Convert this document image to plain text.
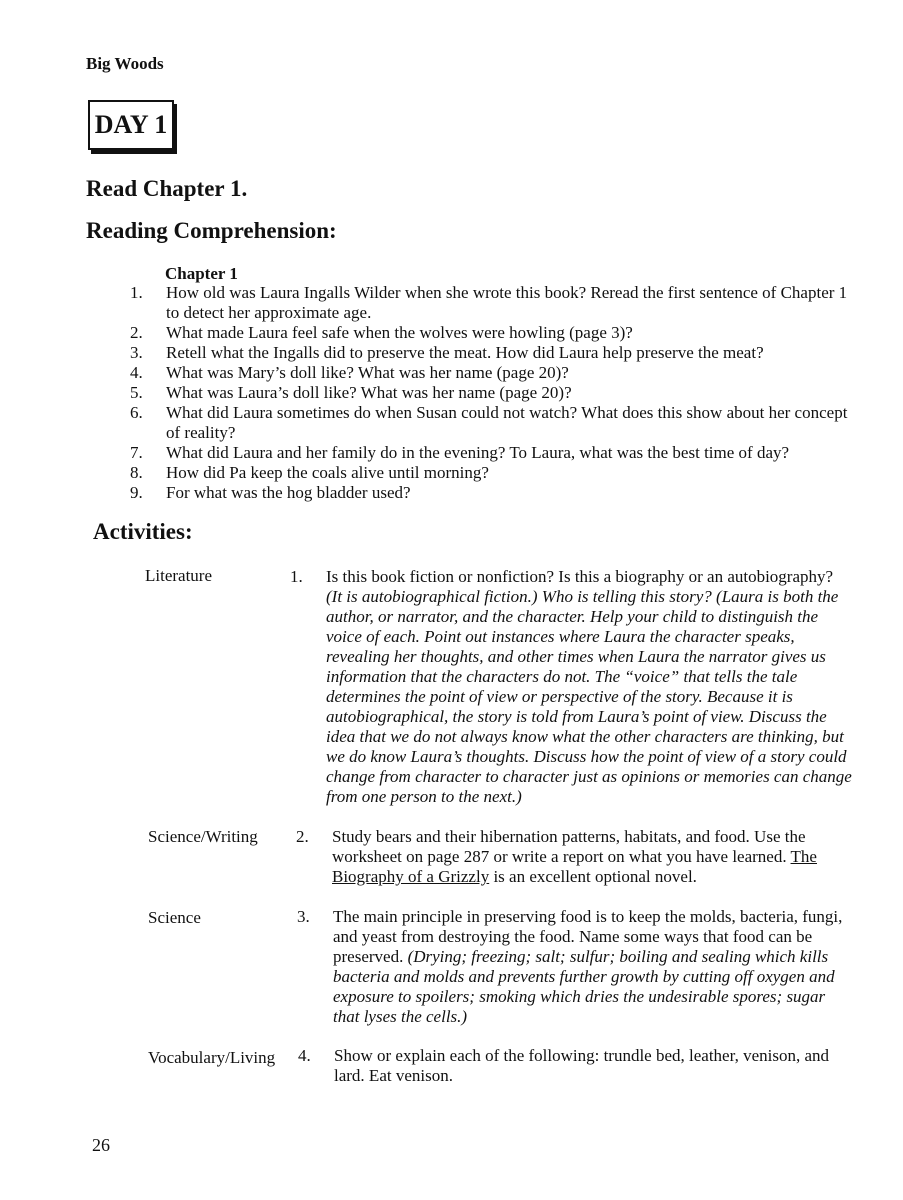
Big Woods
DAY 1
Read Chapter 1.
Reading Comprehension:
Chapter 1
1.	How old was Laura Ingalls Wilder when she wrote this book? Reread the first sentence of Chapter 1 to detect her approximate age.
2.	What made Laura feel safe when the wolves were howling (page 3)?
3.	Retell what the Ingalls did to preserve the meat. How did Laura help preserve the meat?
4.	What was Mary’s doll like? What was her name (page 20)?
5.	What was Laura’s doll like? What was her name (page 20)?
6.	What did Laura sometimes do when Susan could not watch? What does this show about her concept of reality?
7.	What did Laura and her family do in the evening? To Laura, what was the best time of day?
8.	How did Pa keep the coals alive until morning?
9.	For what was the hog bladder used?
Activities:
Literature	1. Is this book fiction or nonfiction? Is this a biography or an autobiography? (It is autobiographical fiction.) Who is telling this story? (Laura is both the author, or narrator, and the character. Help your child to distinguish the voice of each. Point out instances where Laura the character speaks, revealing her thoughts, and other times when Laura the narrator gives us information that the characters do not. The “voice” that tells the tale determines the point of view or perspective of the story. Because it is autobiographical, the story is told from Laura’s point of view. Discuss the idea that we do not always know what the other characters are thinking, but we do know Laura’s thoughts. Discuss how the point of view of a story could change from character to character just as opinions or memories can change from one person to the next.)
Science/Writing 2. Study bears and their hibernation patterns, habitats, and food. Use the worksheet on page 287 or write a report on what you have learned. The Biography of a Grizzly is an excellent optional novel.
Science	3. The main principle in preserving food is to keep the molds, bacteria, fungi, and yeast from destroying the food. Name some ways that food can be preserved. (Drying; freezing; salt; sulfur; boiling and sealing which kills bacteria and molds and prevents further growth by cutting off oxygen and exposure to spoilers; smoking which dries the undesirable spores; sugar that lyses the cells.)
Vocabulary/Living 4. Show or explain each of the following: trundle bed, leather, venison, and lard. Eat venison.
26
